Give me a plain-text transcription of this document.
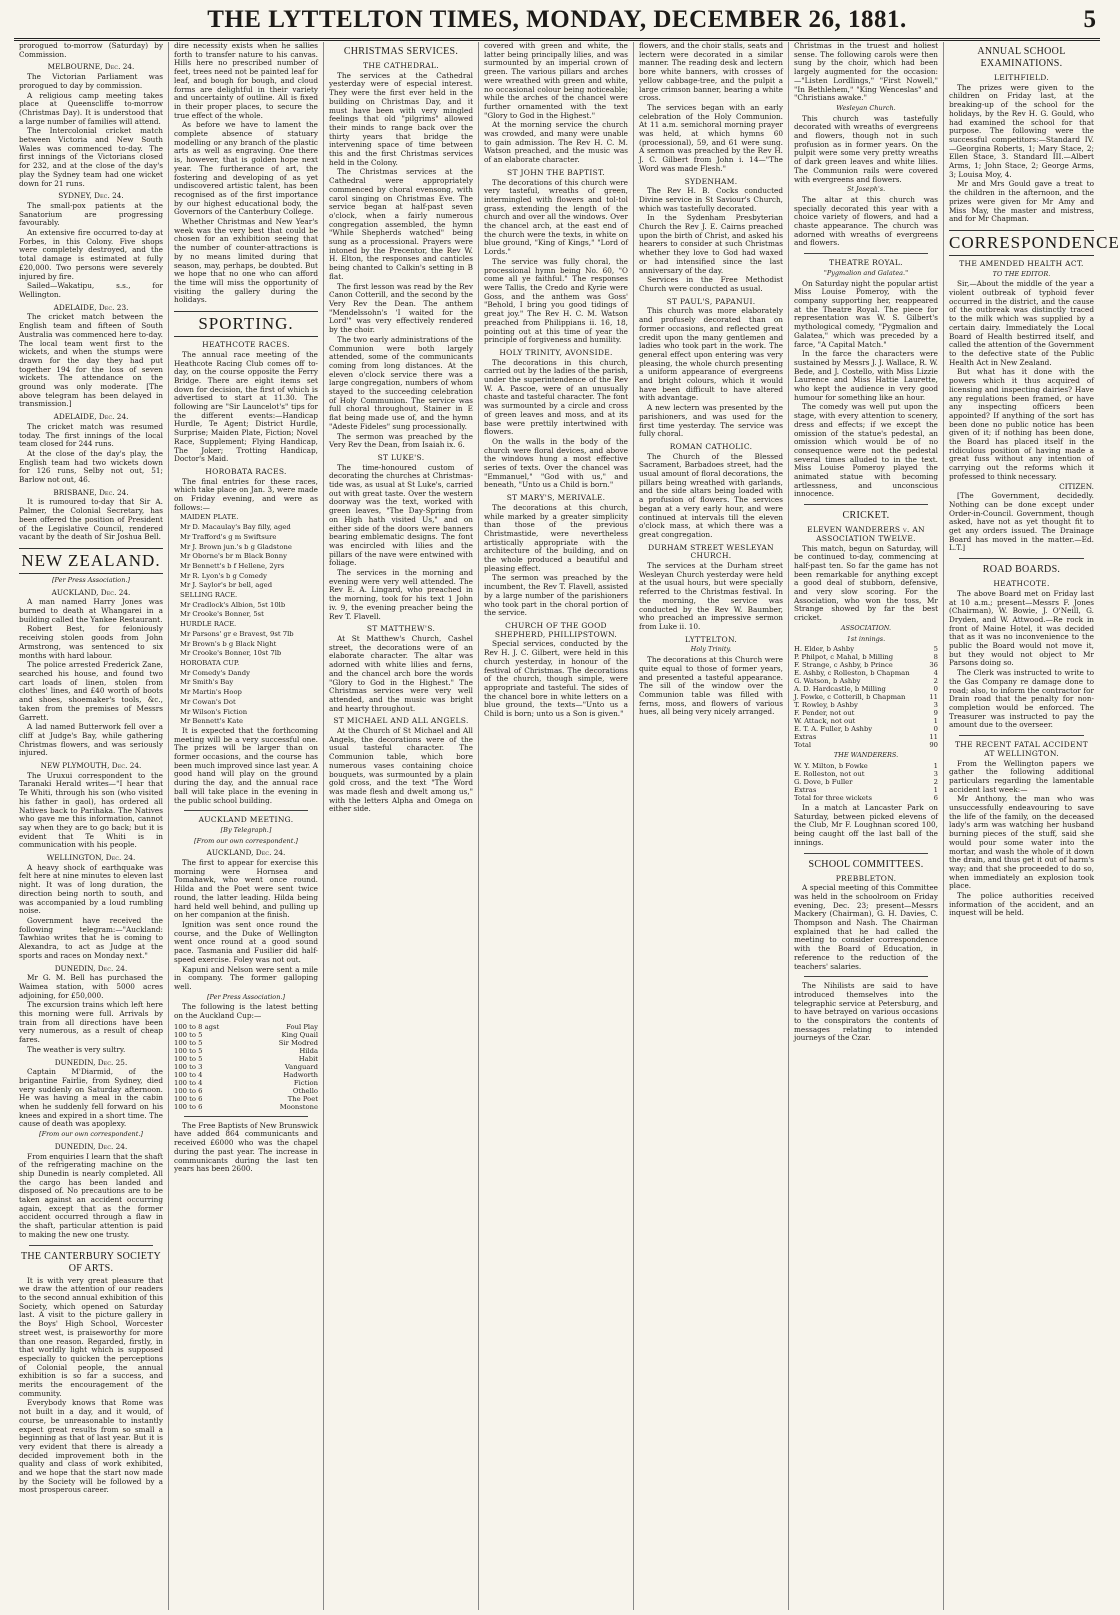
THE LYTTELTON TIMES, MONDAY, DECEMBER 26, 1881.	5

prorogued to-morrow (Saturday) by Commission.

MELBOURNE, Dec. 24.

The Victorian Parliament was prorogued to day by commission.

A religious camp meeting takes place at Queenscliffe to-morrow (Christmas Day). It is understood that a large number of families will attend.

The Intercolonial cricket match between Victoria and New South Wales was commenced to-day. The first innings of the Victorians closed for 232, and at the close of the day's play the Sydney team had one wicket down for 21 runs.

SYDNEY, Dec. 24.

The small-pox patients at the Sanatorium are progressing favourably.

An extensive fire occurred to-day at Forbes, in this Colony. Five shops were completely destroyed, and the total damage is estimated at fully £20,000. Two persons were severely injured by fire.

Sailed—Wakatipu, s.s., for Wellington.

ADELAIDE, Dec. 23.

The cricket match between the English team and fifteen of South Australia was commenced here to-day. The local team went first to the wickets, and when the stumps were drawn for the day they had put together 194 for the loss of seven wickets. The attendance on the ground was only moderate. [The above telegram has been delayed in transmission.]

ADELAIDE, Dec. 24.

The cricket match was resumed today. The first innings of the local team closed for 244 runs.

At the close of the day's play, the English team had two wickets down for 126 runs, Selby not out, 51; Barlow not out, 46.

BRISBANE, Dec. 24.

It is rumoured to-day that Sir A. Palmer, the Colonial Secretary, has been offered the position of President of the Legislative Council, rendered vacant by the death of Sir Joshua Bell.

NEW ZEALAND.
[Per Press Association.]

AUCKLAND, Dec. 24.

A man named Harry Jones was burned to death at Whangarei in a building called the Yankee Restaurant.

Robert Best, for feloniously receiving stolen goods from John Armstrong, was sentenced to six months with hard labour.

The police arrested Frederick Zane, searched his house, and found two cart loads of linen, stolen from clothes' lines, and £40 worth of boots and shoes, shoemaker's tools, &c., taken from the premises of Messrs Garrett.

A lad named Butterwork fell over a cliff at Judge's Bay, while gathering Christmas flowers, and was seriously injured.

NEW PLYMOUTH, Dec. 24.

The Uruxui correspondent to the Taranaki Herald writes—"I hear that Te Whiti, through his son (who visited his father in gaol), has ordered all Natives back to Parihaka. The Natives who gave me this information, cannot say when they are to go back; but it is evident that Te Whiti is in communication with his people.

WELLINGTON, Dec. 24.

A heavy shock of earthquake was felt here at nine minutes to eleven last night. It was of long duration, the direction being north to south, and was accompanied by a loud rumbling noise.

Government have received the following telegram:—"Auckland: Tawhiao writes that he is coming to Alexandra, to act as Judge at the sports and races on Monday next."

DUNEDIN, Dec. 24.

Mr G. M. Bell has purchased the Waimea station, with 5000 acres adjoining, for £50,000.

The excursion trains which left here this morning were full. Arrivals by train from all directions have been very numerous, as a result of cheap fares.

The weather is very sultry.

DUNEDIN, Dec. 25.

Captain M'Diarmid, of the brigantine Fairlie, from Sydney, died very suddenly on Saturday afternoon. He was having a meal in the cabin when he suddenly fell forward on his knees and expired in a short time. The cause of death was apoplexy.

[From our own correspondent.]

DUNEDIN, Dec. 24.

From enquiries I learn that the shaft of the refrigerating machine on the ship Dunedin is nearly completed. All the cargo has been landed and disposed of. No precautions are to be taken against an accident occurring again, except that as the former accident occurred through a flaw in the shaft, particular attention is paid to making the new one trusty.

THE CANTERBURY SOCIETY OF ARTS.

It is with very great pleasure that we draw the attention of our readers to the second annual exhibition of this Society, which opened on Saturday last. A visit to the picture gallery in the Boys' High School, Worcester street west, is praiseworthy for more than one reason. Regarded, firstly, in that worldly light which is supposed especially to quicken the perceptions of Colonial people, the annual exhibition is so far a success, and merits the encouragement of the community.

Everybody knows that Rome was not built in a day, and it would, of course, be unreasonable to instantly expect great results from so small a beginning as that of last year. But it is very evident that there is already a decided improvement both in the quality and class of work exhibited, and we hope that the start now made by the Society will be followed by a most prosperous career.

dire necessity exists when he sallies forth to transfer nature to his canvas. Hills here no prescribed number of feet, trees need not be painted leaf for leaf, and bough for bough, and cloud forms are delightful in their variety and uncertainty of outline. All is fixed in their proper places, to secure the true effect of the whole.

As before we have to lament the complete absence of statuary modelling or any branch of the plastic arts as well as engraving. One there is, however, that is golden hope next year. The furtherance of art, the fostering and developing of as yet undiscovered artistic talent, has been recognised as of the first importance by our highest educational body, the Governors of the Canterbury College.

Whether Christmas and New Year's week was the very best that could be chosen for an exhibition seeing that the number of counter-attractions is by no means limited during that season, may, perhaps, be doubted. But we hope that no one who can afford the time will miss the opportunity of visiting the gallery during the holidays.

SPORTING.
HEATHCOTE RACES.

The annual race meeting of the Heathcote Racing Club comes off to-day, on the course opposite the Ferry Bridge. There are eight items set down for decision, the first of which is advertised to start at 11.30. The following are "Sir Launcelot's" tips for the different events:—Handicap Hurdle, Te Agent; District Hurdle, Surprise; Maiden Plate, Fiction; Novel Race, Supplement; Flying Handicap, The Joker; Trotting Handicap, Doctor's Maid.

HOROBATA RACES.

The final entries for these races, which take place on Jan. 3, were made on Friday evening, and were as follows:—

MAIDEN PLATE.

Mr D. Macaulay's Bay filly, aged

Mr Trafford's g m Swiftsure

Mr J. Brown jun.'s b g Gladstone

Mr Oborne's br m Black Bonny

Mr Bennett's b f Hellene, 2yrs

Mr R. Lyon's b g Comedy

Mr J. Saylor's br bell, aged

SELLING RACE.

Mr Cradlock's Albion, 5st 10lb

Mr Crooke's Bonner, 5st

HURDLE RACE.

Mr Parsons' gr e Bravest, 9st 7lb

Mr Brown's b g Black Night

Mr Crooke's Bonner, 10st 7lb

HOROBATA CUP.

Mr Comedy's Dandy

Mr Smith's Bay

Mr Martin's Hoop

Mr Cowan's Dot

Mr Wilson's Fiction

Mr Bennett's Kate

It is expected that the forthcoming meeting will be a very successful one. The prizes will be larger than on former occasions, and the course has been much improved since last year. A good hand will play on the ground during the day, and the annual race ball will take place in the evening in the public school building.

AUCKLAND MEETING.
[By Telegraph.]
[From our own correspondent.]

AUCKLAND, Dec. 24.

The first to appear for exercise this morning were Hornsea and Tomahawk, who went once round. Hilda and the Poet were sent twice round, the latter leading. Hilda being hard held well behind, and pulling up on her companion at the finish.

Ignition was sent once round the course, and the Duke of Wellington went once round at a good sound pace. Tasmania and Fusilier did half-speed exercise. Foley was not out.

Kapuni and Nelson were sent a mile in company. The former galloping well.

[Per Press Association.]

The following is the latest betting on the Auckland Cup:—

100 to 8 agst	Foul Play
100 to 5	King Quail
100 to 5	Sir Modred
100 to 5	Hilda
100 to 5	Habit
100 to 3	Vanguard
100 to 4	Hadworth
100 to 4	Fiction
100 to 6	Othello
100 to 6	The Poet
100 to 6	Moonstone

The Free Baptists of New Brunswick have added 864 communicants and received £6000 who was the chapel during the past year. The increase in communicants during the last ten years has been 2600.

CHRISTMAS SERVICES.
THE CATHEDRAL.

The services at the Cathedral yesterday were of especial interest. They were the first ever held in the building on Christmas Day, and it must have been with very mingled feelings that old "pilgrims" allowed their minds to range back over the thirty years that bridge the intervening space of time between this and the first Christmas services held in the Colony.

The Christmas services at the Cathedral were appropriately commenced by choral evensong, with carol singing on Christmas Eve. The service began at half-past seven o'clock, when a fairly numerous congregation assembled, the hymn "While Shepherds watched" being sung as a processional. Prayers were intoned by the Precentor, the Rev W. H. Elton, the responses and canticles being chanted to Calkin's setting in B flat.

The first lesson was read by the Rev Canon Cotterill, and the second by the Very Rev the Dean. The anthem "Mendelssohn's 'I waited for the Lord'" was very effectively rendered by the choir.

The two early administrations of the Communion were both largely attended, some of the communicants coming from long distances. At the eleven o'clock service there was a large congregation, numbers of whom stayed to the succeeding celebration of Holy Communion. The service was full choral throughout, Stainer in E flat being made use of, and the hymn "Adeste Fideles" sung processionally.

The sermon was preached by the Very Rev the Dean, from Isaiah ix. 6.

ST LUKE'S.

The time-honoured custom of decorating the churches at Christmas-tide was, as usual at St Luke's, carried out with great taste. Over the western doorway was the text, worked with green leaves, "The Day-Spring from on High hath visited Us," and on either side of the doors were banners bearing emblematic designs. The font was encircled with lilies and the pillars of the nave were entwined with foliage.

The services in the morning and evening were very well attended. The Rev E. A. Lingard, who preached in the morning, took for his text 1 John iv. 9, the evening preacher being the Rev T. Flavell.

ST MATTHEW'S.

At St Matthew's Church, Cashel street, the decorations were of an elaborate character. The altar was adorned with white lilies and ferns, and the chancel arch bore the words "Glory to God in the Highest." The Christmas services were very well attended, and the music was bright and hearty throughout.

ST MICHAEL AND ALL ANGELS.

At the Church of St Michael and All Angels, the decorations were of the usual tasteful character. The Communion table, which bore numerous vases containing choice bouquets, was surmounted by a plain gold cross, and the text "The Word was made flesh and dwelt among us," with the letters Alpha and Omega on either side.

covered with green and white, the latter being principally lilies, and was surmounted by an imperial crown of green. The various pillars and arches were wreathed with green and white, no occasional colour being noticeable; while the arches of the chancel were further ornamented with the text "Glory to God in the Highest."

At the morning service the church was crowded, and many were unable to gain admission. The Rev H. C. M. Watson preached, and the music was of an elaborate character.

ST JOHN THE BAPTIST.

The decorations of this church were very tasteful, wreaths of green, intermingled with flowers and tol-tol grass, extending the length of the church and over all the windows. Over the chancel arch, at the east end of the church were the texts, in white on blue ground, "King of Kings," "Lord of Lords."

The service was fully choral, the processional hymn being No. 60, "O come all ye faithful." The responses were Tallis, the Credo and Kyrie were Goss, and the anthem was Goss' "Behold, I bring you good tidings of great joy." The Rev H. C. M. Watson preached from Philippians ii. 16, 18, pointing out at this time of year the principle of forgiveness and humility.

HOLY TRINITY, AVONSIDE.

The decorations in this church, carried out by the ladies of the parish, under the superintendence of the Rev W. A. Pascoe, were of an unusually chaste and tasteful character. The font was surmounted by a circle and cross of green leaves and moss, and at its base were prettily intertwined with flowers.

On the walls in the body of the church were floral devices, and above the windows hung a most effective series of texts. Over the chancel was "Emmanuel," "God with us," and beneath, "Unto us a Child is born."

ST MARY'S, MERIVALE.

The decorations at this church, while marked by a greater simplicity than those of the previous Christmastide, were nevertheless artistically appropriate with the architecture of the building, and on the whole produced a beautiful and pleasing effect.

The sermon was preached by the incumbent, the Rev T. Flavell, assisted by a large number of the parishioners who took part in the choral portion of the service.

CHURCH OF THE GOOD SHEPHERD, PHILLIPSTOWN.

Special services, conducted by the Rev H. J. C. Gilbert, were held in this church yesterday, in honour of the festival of Christmas. The decorations of the church, though simple, were appropriate and tasteful. The sides of the chancel bore in white letters on a blue ground, the texts—"Unto us a Child is born; unto us a Son is given."

flowers, and the choir stalls, seats and lectern were decorated in a similar manner. The reading desk and lectern bore white banners, with crosses of yellow cabbage-tree, and the pulpit a large crimson banner, bearing a white cross.

The services began with an early celebration of the Holy Communion. At 11 a.m. semichoral morning prayer was held, at which hymns 60 (processional), 59, and 61 were sung. A sermon was preached by the Rev H. J. C. Gilbert from John i. 14—"The Word was made Flesh."

SYDENHAM.

The Rev H. B. Cocks conducted Divine service in St Saviour's Church, which was tastefully decorated.

In the Sydenham Presbyterian Church the Rev J. E. Cairns preached upon the birth of Christ, and asked his hearers to consider at such Christmas whether they love to God had waxed or had intensified since the last anniversary of the day.

Services in the Free Methodist Church were conducted as usual.

ST PAUL'S, PAPANUI.

This church was more elaborately and profusely decorated than on former occasions, and reflected great credit upon the many gentlemen and ladies who took part in the work. The general effect upon entering was very pleasing, the whole church presenting a uniform appearance of evergreens and bright colours, which it would have been difficult to have altered with advantage.

A new lectern was presented by the parishioners, and was used for the first time yesterday. The service was fully choral.

ROMAN CATHOLIC.

The Church of the Blessed Sacrament, Barbadoes street, had the usual amount of floral decorations, the pillars being wreathed with garlands, and the side altars being loaded with a profusion of flowers. The services began at a very early hour, and were continued at intervals till the eleven o'clock mass, at which there was a great congregation.

DURHAM STREET WESLEYAN CHURCH.

The services at the Durham street Wesleyan Church yesterday were held at the usual hours, but were specially referred to the Christmas festival. In the morning, the service was conducted by the Rev W. Baumber, who preached an impressive sermon from Luke ii. 10.

LYTTELTON.
Holy Trinity.

The decorations at this Church were quite equal to those of former years, and presented a tasteful appearance. The sill of the window over the Communion table was filled with ferns, moss, and flowers of various hues, all being very nicely arranged.

Christmas in the truest and holiest sense. The following carols were then sung by the choir, which had been largely augmented for the occasion:—"Listen Lordlings," "First Nowell," "In Bethlehem," "King Wenceslas" and "Christians awake."

Wesleyan Church.

This church was tastefully decorated with wreaths of evergreens and flowers, though not in such profusion as in former years. On the pulpit were some very pretty wreaths of dark green leaves and white lilies. The Communion rails were covered with evergreens and flowers.

St Joseph's.

The altar at this church was specially decorated this year with a choice variety of flowers, and had a chaste appearance. The church was adorned with wreaths of evergreens and flowers.

THEATRE ROYAL.
"Pygmalion and Galatea."

On Saturday night the popular artist Miss Louise Pomeroy, with the company supporting her, reappeared at the Theatre Royal. The piece for representation was W. S. Gilbert's mythological comedy, "Pygmalion and Galatea," which was preceded by a farce, "A Capital Match."

In the farce the characters were sustained by Messrs J. J. Wallace, R. W. Bede, and J. Costello, with Miss Lizzie Laurence and Miss Hattie Laurette, who kept the audience in very good humour for something like an hour.

The comedy was well put upon the stage, with every attention to scenery, dress and effects; if we except the omission of the statue's pedestal, an omission which would be of no consequence were not the pedestal several times alluded to in the text. Miss Louise Pomeroy played the animated statue with becoming artlessness, and unconscious innocence.

CRICKET.
ELEVEN WANDERERS v. AN ASSOCIATION TWELVE.

This match, begun on Saturday, will be continued to-day, commencing at half-past ten. So far the game has not been remarkable for anything except a good deal of stubborn, defensive, and very slow scoring. For the Association, who won the toss, Mr Strange showed by far the best cricket.

ASSOCIATION.
1st innings.
H. Elder, b Ashby	5
P. Philpot, c Mahal, b Milling	8
F. Strange, c Ashby, b Prince	36
E. Ashby, c Rolleston, b Chapman	4
G. Watson, b Ashby	2
A. D. Hardcastle, b Milling	0
J. Fowke, c Cotterill, b Chapman	11
T. Rowley, b Ashby	3
F. Pender, not out	9
W. Attack, not out	1
E. T. A. Fuller, b Ashby	0
Extras	11
Total	90
THE WANDERERS.
W. Y. Milton, b Fowke	1
E. Rolleston, not out	3
G. Dove, b Fuller	2
Extras	1
Total for three wickets	6

In a match at Lancaster Park on Saturday, between picked elevens of the Club, Mr F. Loughnan scored 100, being caught off the last ball of the innings.

SCHOOL COMMITTEES.
PREBBLETON.

A special meeting of this Committee was held in the schoolroom on Friday evening, Dec. 23; present—Messrs Mackery (Chairman), G. H. Davies, C. Thompson and Nash. The Chairman explained that he had called the meeting to consider correspondence with the Board of Education, in reference to the reduction of the teachers' salaries.

The Nihilists are said to have introduced themselves into the telegraphic service at Petersburg, and to have betrayed on various occasions to the conspirators the contents of messages relating to intended journeys of the Czar.

ANNUAL SCHOOL EXAMINATIONS.
LEITHFIELD.

The prizes were given to the children on Friday last, at the breaking-up of the school for the holidays, by the Rev H. G. Gould, who had examined the school for that purpose. The following were the successful competitors:—Standard IV.—Georgina Roberts, 1; Mary Stace, 2; Ellen Stace, 3. Standard III.—Albert Arms, 1; John Stace, 2; George Arms, 3; Louisa Moy, 4.

Mr and Mrs Gould gave a treat to the children in the afternoon, and the prizes were given for Mr Amy and Miss May, the master and mistress, and for Mr Chapman.

CORRESPONDENCE
THE AMENDED HEALTH ACT.
TO THE EDITOR.

Sir,—About the middle of the year a violent outbreak of typhoid fever occurred in the district, and the cause of the outbreak was distinctly traced to the milk which was supplied by a certain dairy. Immediately the Local Board of Health bestirred itself, and called the attention of the Government to the defective state of the Public Health Act in New Zealand.

But what has it done with the powers which it thus acquired of licensing and inspecting dairies? Have any regulations been framed, or have any inspecting officers been appointed? If anything of the sort has been done no public notice has been given of it; if nothing has been done, the Board has placed itself in the ridiculous position of having made a great fuss without any intention of carrying out the reforms which it professed to think necessary.

CITIZEN.

[The Government, decidedly. Nothing can be done except under Order-in-Council. Government, though asked, have not as yet thought fit to get any orders issued. The Drainage Board has moved in the matter.—Ed. L.T.]

ROAD BOARDS.
HEATHCOTE.

The above Board met on Friday last at 10 a.m.; present—Messrs F. Jones (Chairman), W. Bowie, J. O'Neill, G. Dryden, and W. Attwood.—Re rock in front of Maine Hotel, it was decided that as it was no inconvenience to the public the Board would not move it, but they would not object to Mr Parsons doing so.

The Clerk was instructed to write to the Gas Company re damage done to road; also, to inform the contractor for Drain road that the penalty for non-completion would be enforced. The Treasurer was instructed to pay the amount due to the overseer.

THE RECENT FATAL ACCIDENT AT WELLINGTON.

From the Wellington papers we gather the following additional particulars regarding the lamentable accident last week:—

Mr Anthony, the man who was unsuccessfully endeavouring to save the life of the family, on the deceased lady's arm was watching her husband burning pieces of the stuff, said she would pour some water into the mortar, and wash the whole of it down the drain, and thus get it out of harm's way; and that she proceeded to do so, when immediately an explosion took place.

The police authorities received information of the accident, and an inquest will be held.
